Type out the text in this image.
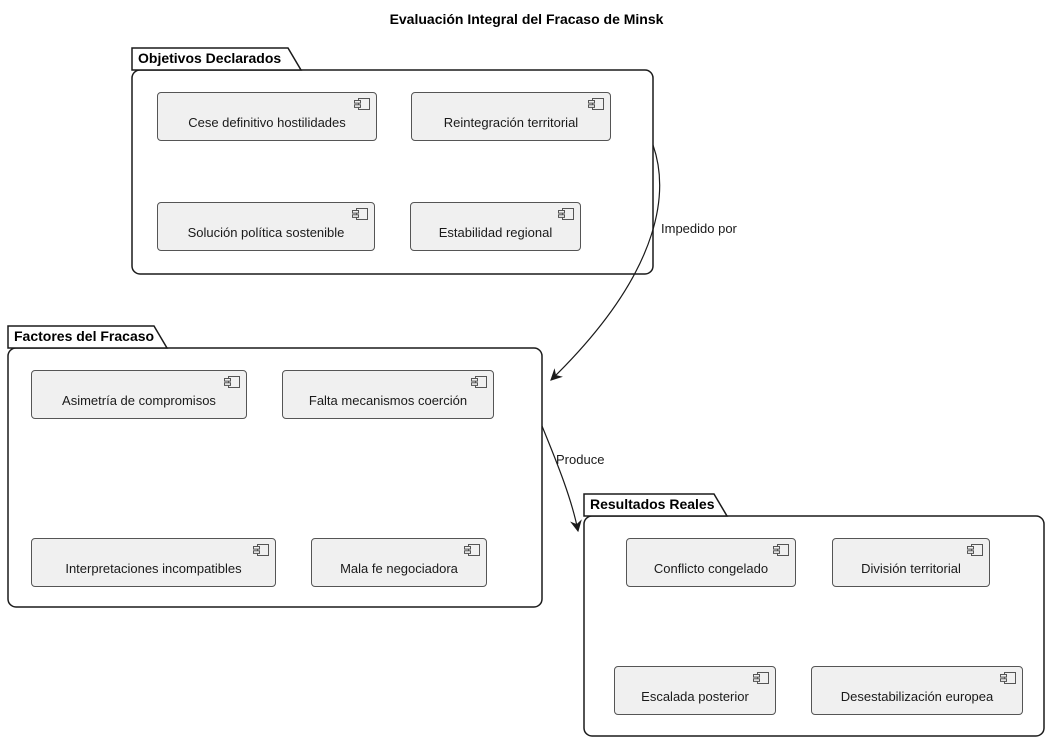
Evaluación Integral del Fracaso de Minsk
Objetivos Declarados
Cese definitivo hostilidades	Reintegración territorial
Solución política sostenible	Estabilidad regional
Factores del Fracaso
Asimetría de compromisos	Falta mecanismos coerción
Interpretaciones incompatibles	Mala fe negociadora
Resultados Reales
Conflicto congelado	División territorial
Escalada posterior	Desestabilización europea
Impedido por
Produce
